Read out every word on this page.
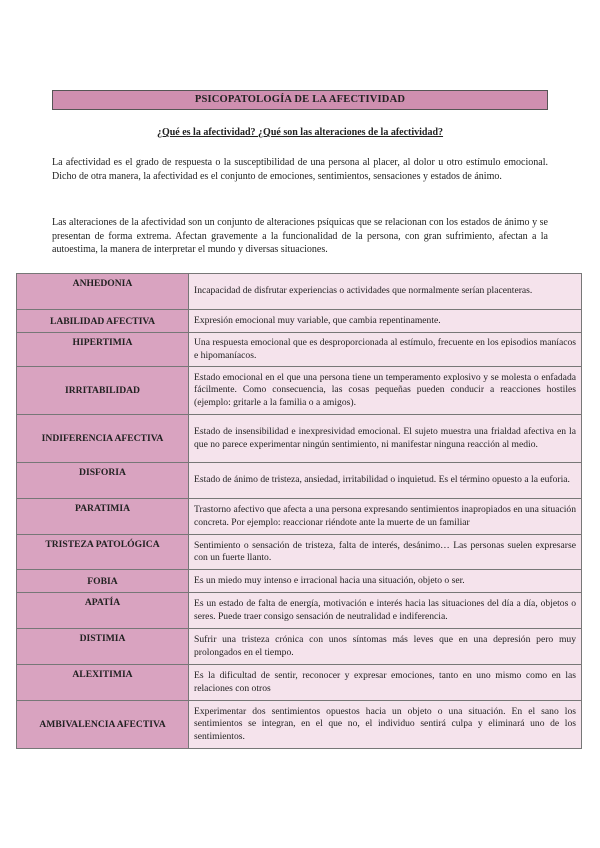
PSICOPATOLOGÍA DE LA AFECTIVIDAD
¿Qué es la afectividad? ¿Qué son las alteraciones de la afectividad?

La afectividad es el grado de respuesta o la susceptibilidad de una persona al placer, al dolor u otro estímulo emocional. Dicho de otra manera, la afectividad es el conjunto de emociones, sentimientos, sensaciones y estados de ánimo.

Las alteraciones de la afectividad son un conjunto de alteraciones psíquicas que se relacionan con los estados de ánimo y se presentan de forma extrema. Afectan gravemente a la funcionalidad de la persona, con gran sufrimiento, afectan a la autoestima, la manera de interpretar el mundo y diversas situaciones.

ANHEDONIA	Incapacidad de disfrutar experiencias o actividades que normalmente serían placenteras.
LABILIDAD AFECTIVA	Expresión emocional muy variable, que cambia repentinamente.
HIPERTIMIA	Una respuesta emocional que es desproporcionada al estímulo, frecuente en los episodios maníacos e hipomaníacos.
IRRITABILIDAD	Estado emocional en el que una persona tiene un temperamento explosivo y se molesta o enfadada fácilmente. Como consecuencia, las cosas pequeñas pueden conducir a reacciones hostiles (ejemplo: gritarle a la familia o a amigos).
INDIFERENCIA AFECTIVA	Estado de insensibilidad e inexpresividad emocional. El sujeto muestra una frialdad afectiva en la que no parece experimentar ningún sentimiento, ni manifestar ninguna reacción al medio.
DISFORIA	Estado de ánimo de tristeza, ansiedad, irritabilidad o inquietud. Es el término opuesto a la euforia.
PARATIMIA	Trastorno afectivo que afecta a una persona expresando sentimientos inapropiados en una situación concreta. Por ejemplo: reaccionar riéndote ante la muerte de un familiar
TRISTEZA PATOLÓGICA	Sentimiento o sensación de tristeza, falta de interés, desánimo… Las personas suelen expresarse con un fuerte llanto.
FOBIA	Es un miedo muy intenso e irracional hacia una situación, objeto o ser.
APATÍA	Es un estado de falta de energía, motivación e interés hacia las situaciones del día a día, objetos o seres. Puede traer consigo sensación de neutralidad e indiferencia.
DISTIMIA	Sufrir una tristeza crónica con unos síntomas más leves que en una depresión pero muy prolongados en el tiempo.
ALEXITIMIA	Es la dificultad de sentir, reconocer y expresar emociones, tanto en uno mismo como en las relaciones con otros
AMBIVALENCIA AFECTIVA	Experimentar dos sentimientos opuestos hacia un objeto o una situación. En el sano los sentimientos se integran, en el que no, el individuo sentirá culpa y eliminará uno de los sentimientos.
